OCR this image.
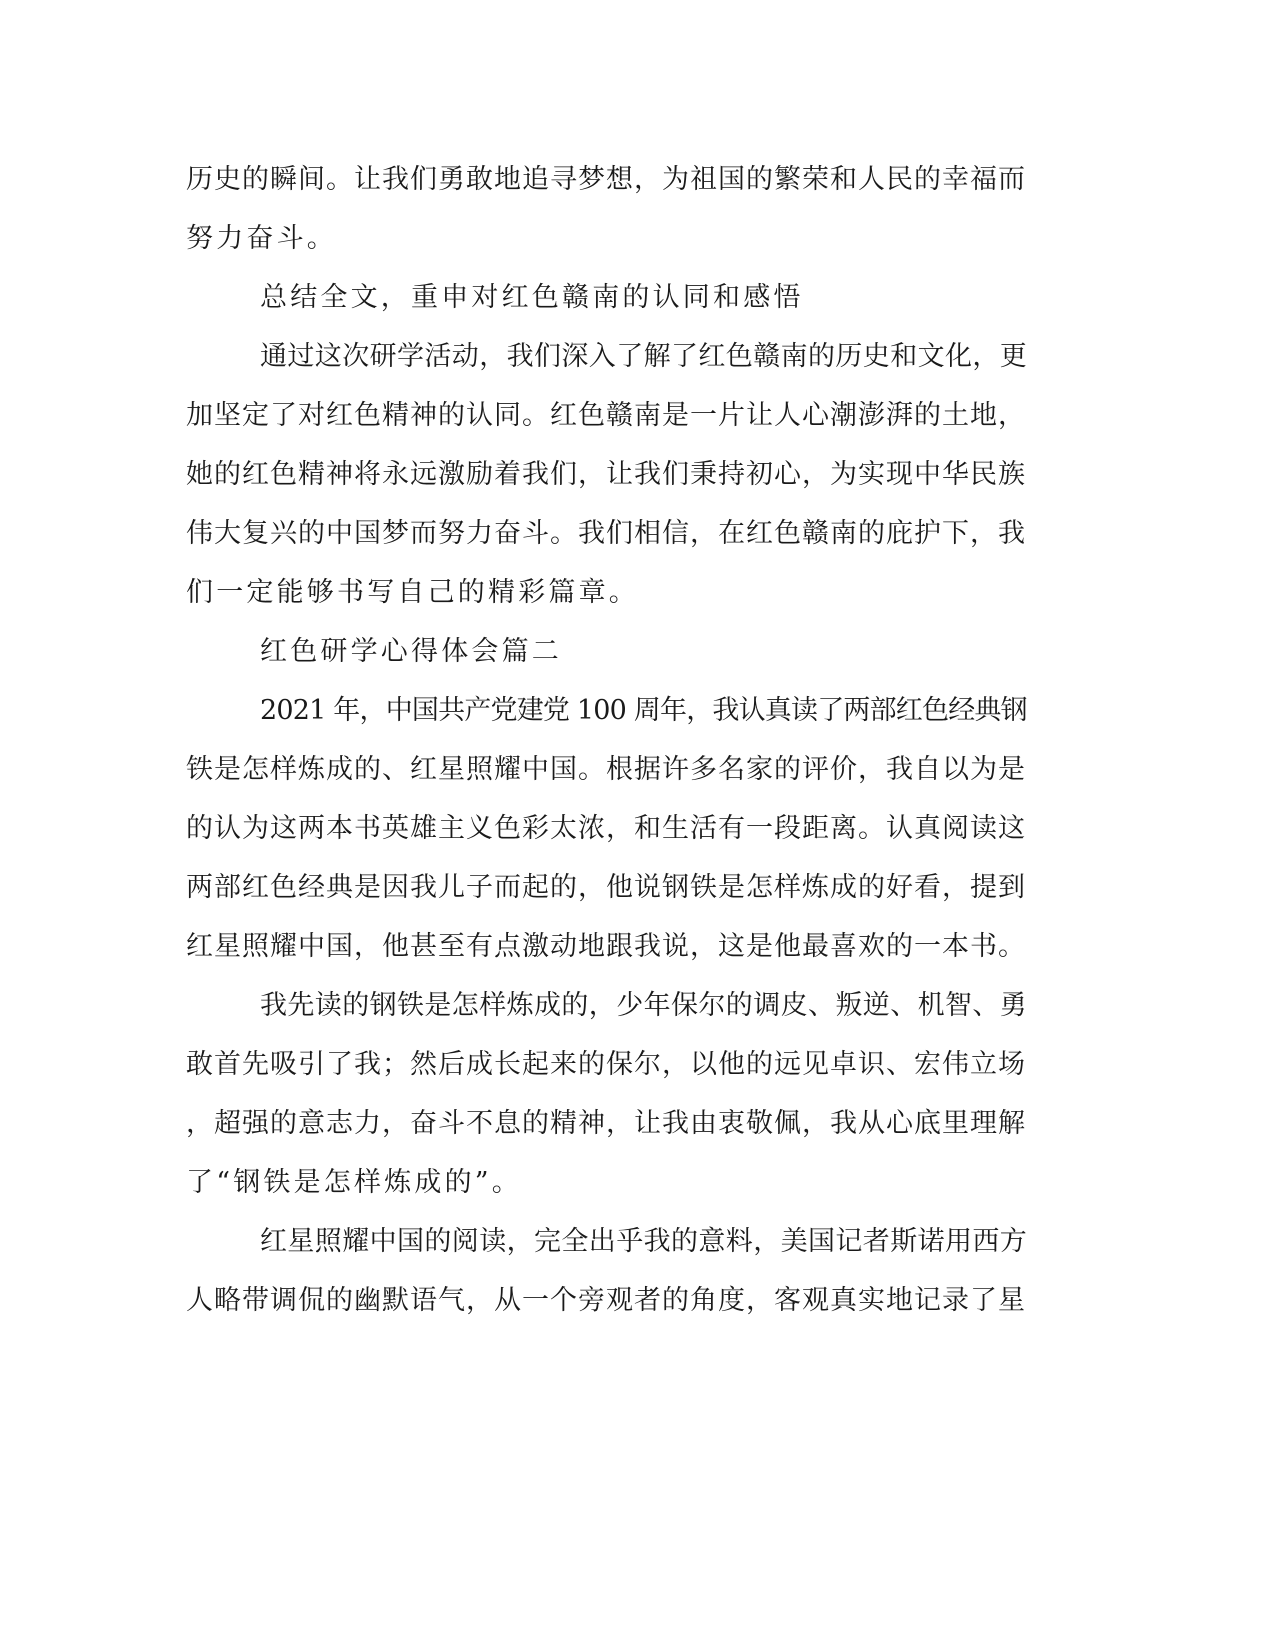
历史的瞬间。让我们勇敢地追寻梦想，为祖国的繁荣和人民的幸福而
努力奋斗。
总结全文，重申对红色赣南的认同和感悟
通过这次研学活动，我们深入了解了红色赣南的历史和文化，更
加坚定了对红色精神的认同。红色赣南是一片让人心潮澎湃的土地，
她的红色精神将永远激励着我们，让我们秉持初心，为实现中华民族
伟大复兴的中国梦而努力奋斗。我们相信，在红色赣南的庇护下，我
们一定能够书写自己的精彩篇章。
红色研学心得体会篇二
2021 年，中国共产党建党 100 周年，我认真读了两部红色经典钢
铁是怎样炼成的、红星照耀中国。根据许多名家的评价，我自以为是
的认为这两本书英雄主义色彩太浓，和生活有一段距离。认真阅读这
两部红色经典是因我儿子而起的，他说钢铁是怎样炼成的好看，提到
红星照耀中国，他甚至有点激动地跟我说，这是他最喜欢的一本书。
我先读的钢铁是怎样炼成的，少年保尔的调皮、叛逆、机智、勇
敢首先吸引了我；然后成长起来的保尔，以他的远见卓识、宏伟立场
，超强的意志力，奋斗不息的精神，让我由衷敬佩，我从心底里理解
了“钢铁是怎样炼成的”。
红星照耀中国的阅读，完全出乎我的意料，美国记者斯诺用西方
人略带调侃的幽默语气，从一个旁观者的角度，客观真实地记录了星
